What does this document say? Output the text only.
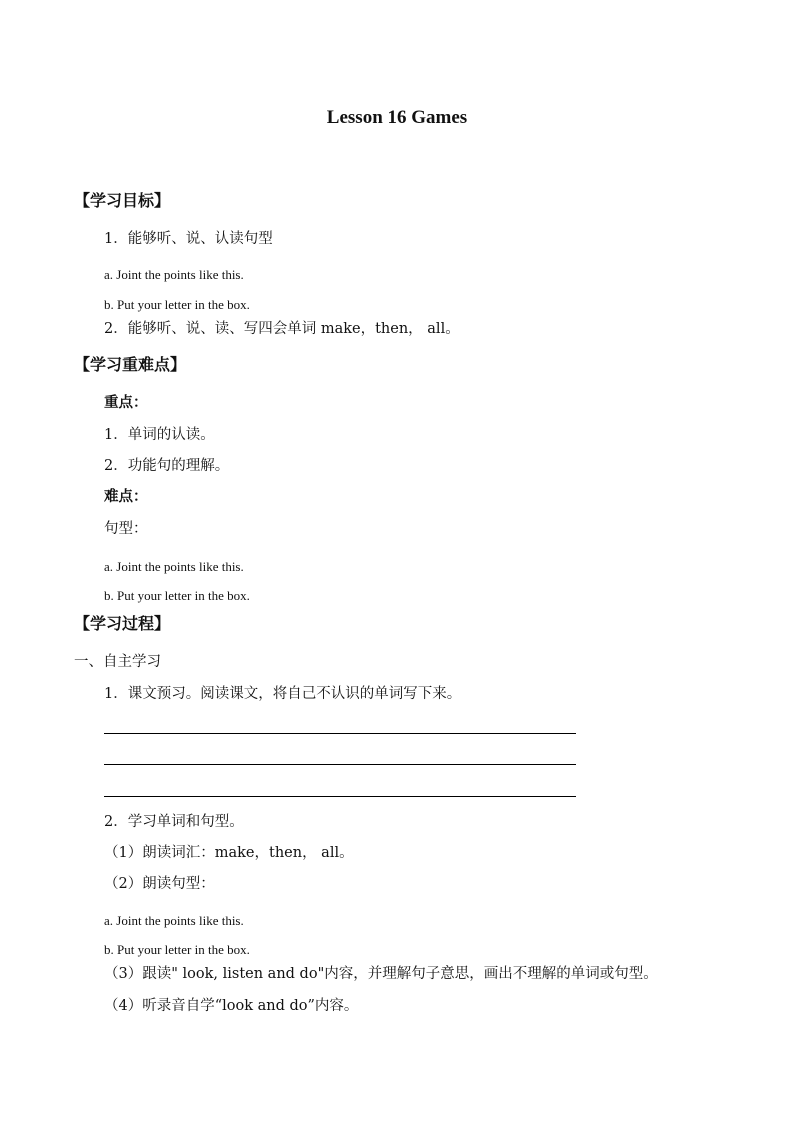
Lesson 16 Games
【学习目标】
1．能够听、说、认读句型
a. Joint the points like this.
b. Put your letter in the box.
2．能够听、说、读、写四会单词 make，then， all。
【学习重难点】
重点：
1．单词的认读。
2．功能句的理解。
难点：
句型：
a. Joint the points like this.
b. Put your letter in the box.
【学习过程】
一、自主学习
1．课文预习。阅读课文，将自己不认识的单词写下来。
2．学习单词和句型。
（1）朗读词汇：make，then， all。
（2）朗读句型：
a. Joint the points like this.
b. Put your letter in the box.
（3）跟读" look, listen and do"内容，并理解句子意思，画出不理解的单词或句型。
（4）听录音自学“look and do”内容。
